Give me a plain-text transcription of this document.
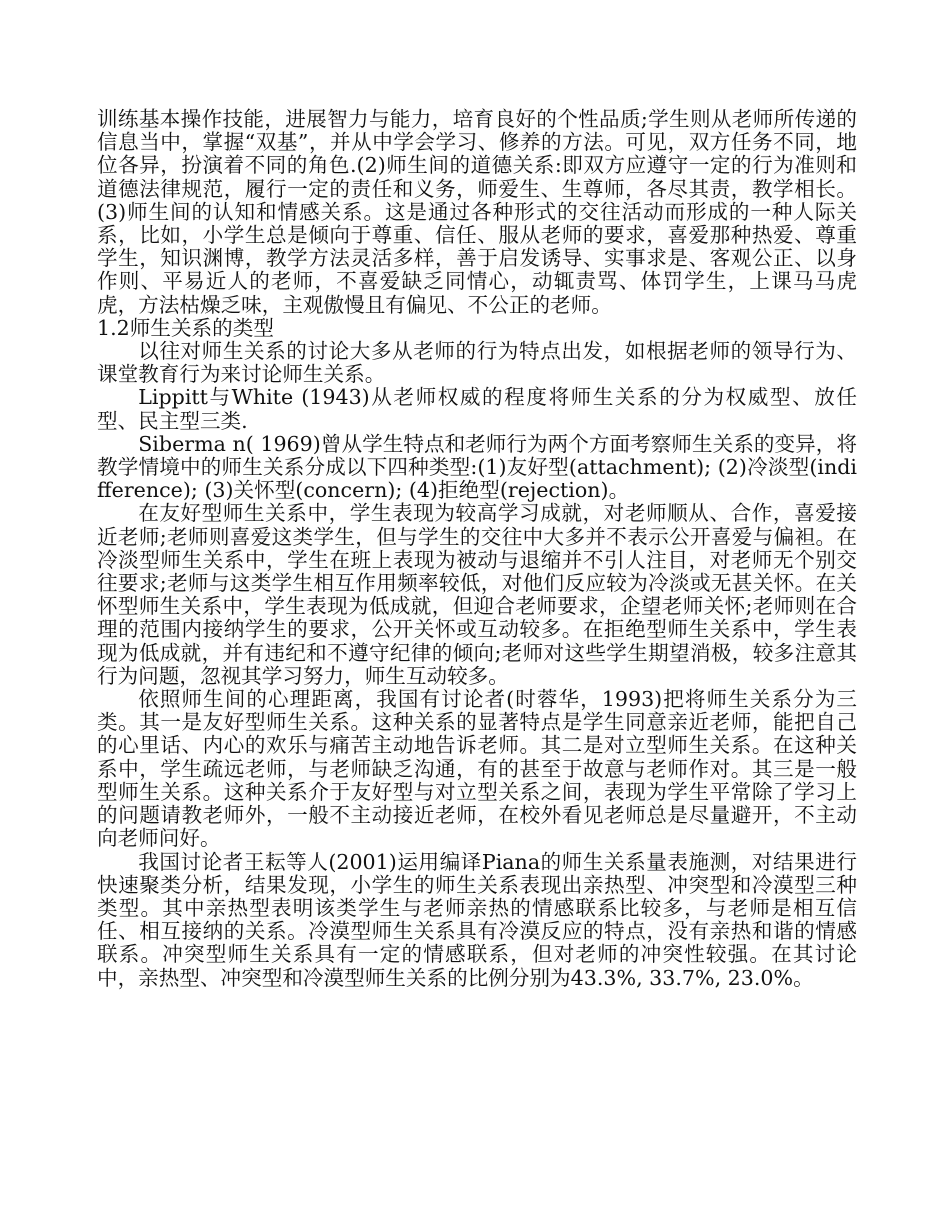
训练基本操作技能，进展智力与能力，培育良好的个性品质;学生则从老师所传递的信息当中，掌握“双基”，并从中学会学习、修养的方法。可见，双方任务不同，地位各异，扮演着不同的角色.(2)师生间的道德关系:即双方应遵守一定的行为准则和道德法律规范，履行一定的责任和义务，师爱生、生尊师，各尽其责，教学相长。(3)师生间的认知和情感关系。这是通过各种形式的交往活动而形成的一种人际关系，比如，小学生总是倾向于尊重、信任、服从老师的要求，喜爱那种热爱、尊重学生，知识渊博，教学方法灵活多样，善于启发诱导、实事求是、客观公正、以身作则、平易近人的老师，不喜爱缺乏同情心，动辄责骂、体罚学生，上课马马虎虎，方法枯燥乏味，主观傲慢且有偏见、不公正的老师。

1.2师生关系的类型

以往对师生关系的讨论大多从老师的行为特点出发，如根据老师的领导行为、课堂教育行为来讨论师生关系。

Lippitt与White (1943)从老师权威的程度将师生关系的分为权威型、放任型、民主型三类.

Siberma n( 1969)曾从学生特点和老师行为两个方面考察师生关系的变异，将教学情境中的师生关系分成以下四种类型:(1)友好型(attachment); (2)冷淡型(indifference); (3)关怀型(concern); (4)拒绝型(rejection)。

在友好型师生关系中，学生表现为较高学习成就，对老师顺从、合作，喜爱接近老师;老师则喜爱这类学生，但与学生的交往中大多并不表示公开喜爱与偏袒。在冷淡型师生关系中，学生在班上表现为被动与退缩并不引人注目，对老师无个别交往要求;老师与这类学生相互作用频率较低，对他们反应较为冷淡或无甚关怀。在关怀型师生关系中，学生表现为低成就，但迎合老师要求，企望老师关怀;老师则在合理的范围内接纳学生的要求，公开关怀或互动较多。在拒绝型师生关系中，学生表现为低成就，并有违纪和不遵守纪律的倾向;老师对这些学生期望消极，较多注意其行为问题，忽视其学习努力，师生互动较多。

依照师生间的心理距离，我国有讨论者(时蓉华，1993)把将师生关系分为三类。其一是友好型师生关系。这种关系的显著特点是学生同意亲近老师，能把自己的心里话、内心的欢乐与痛苦主动地告诉老师。其二是对立型师生关系。在这种关系中，学生疏远老师，与老师缺乏沟通，有的甚至于故意与老师作对。其三是一般型师生关系。这种关系介于友好型与对立型关系之间，表现为学生平常除了学习上的问题请教老师外，一般不主动接近老师，在校外看见老师总是尽量避开，不主动向老师问好。

我国讨论者王耘等人(2001)运用编译Piana的师生关系量表施测，对结果进行快速聚类分析，结果发现，小学生的师生关系表现出亲热型、冲突型和冷漠型三种类型。其中亲热型表明该类学生与老师亲热的情感联系比较多，与老师是相互信任、相互接纳的关系。冷漠型师生关系具有冷漠反应的特点，没有亲热和谐的情感联系。冲突型师生关系具有一定的情感联系，但对老师的冲突性较强。在其讨论中，亲热型、冲突型和冷漠型师生关系的比例分别为43.3%, 33.7%, 23.0%。
